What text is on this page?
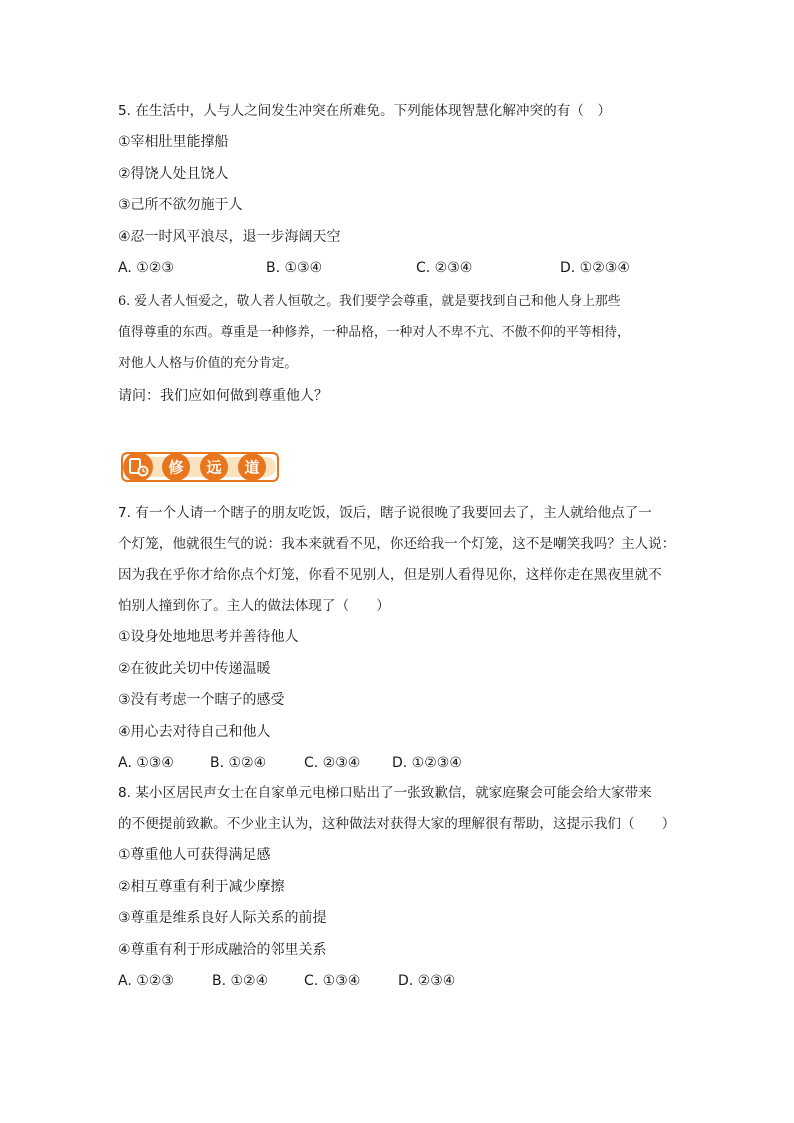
5. 在生活中，人与人之间发生冲突在所难免。下列能体现智慧化解冲突的有（　）
①宰相肚里能撑船
②得饶人处且饶人
③己所不欲勿施于人
④忍一时风平浪尽，退一步海阔天空
A. ①②③	B. ①③④	C. ②③④	D. ①②③④
6. 爱人者人恒爱之，敬人者人恒敬之。我们要学会尊重，就是要找到自己和他人身上那些
值得尊重的东西。尊重是一种修养，一种品格，一种对人不卑不亢、不傲不仰的平等相待，
对他人人格与价值的充分肯定。
请问：我们应如何做到尊重他人？
修 远 道
7. 有一个人请一个瞎子的朋友吃饭，饭后，瞎子说很晚了我要回去了，主人就给他点了一
个灯笼，他就很生气的说：我本来就看不见，你还给我一个灯笼，这不是嘲笑我吗？主人说：
因为我在乎你才给你点个灯笼，你看不见别人，但是别人看得见你，这样你走在黑夜里就不
怕别人撞到你了。主人的做法体现了（　　）
①设身处地地思考并善待他人
②在彼此关切中传递温暖
③没有考虑一个瞎子的感受
④用心去对待自己和他人
A. ①③④	B. ①②④	C. ②③④	D. ①②③④
8. 某小区居民声女士在自家单元电梯口贴出了一张致歉信，就家庭聚会可能会给大家带来
的不便提前致歉。不少业主认为，这种做法对获得大家的理解很有帮助，这提示我们（　　）
①尊重他人可获得满足感
②相互尊重有利于减少摩擦
③尊重是维系良好人际关系的前提
④尊重有利于形成融洽的邻里关系
A. ①②③	B. ①②④	C. ①③④	D. ②③④
